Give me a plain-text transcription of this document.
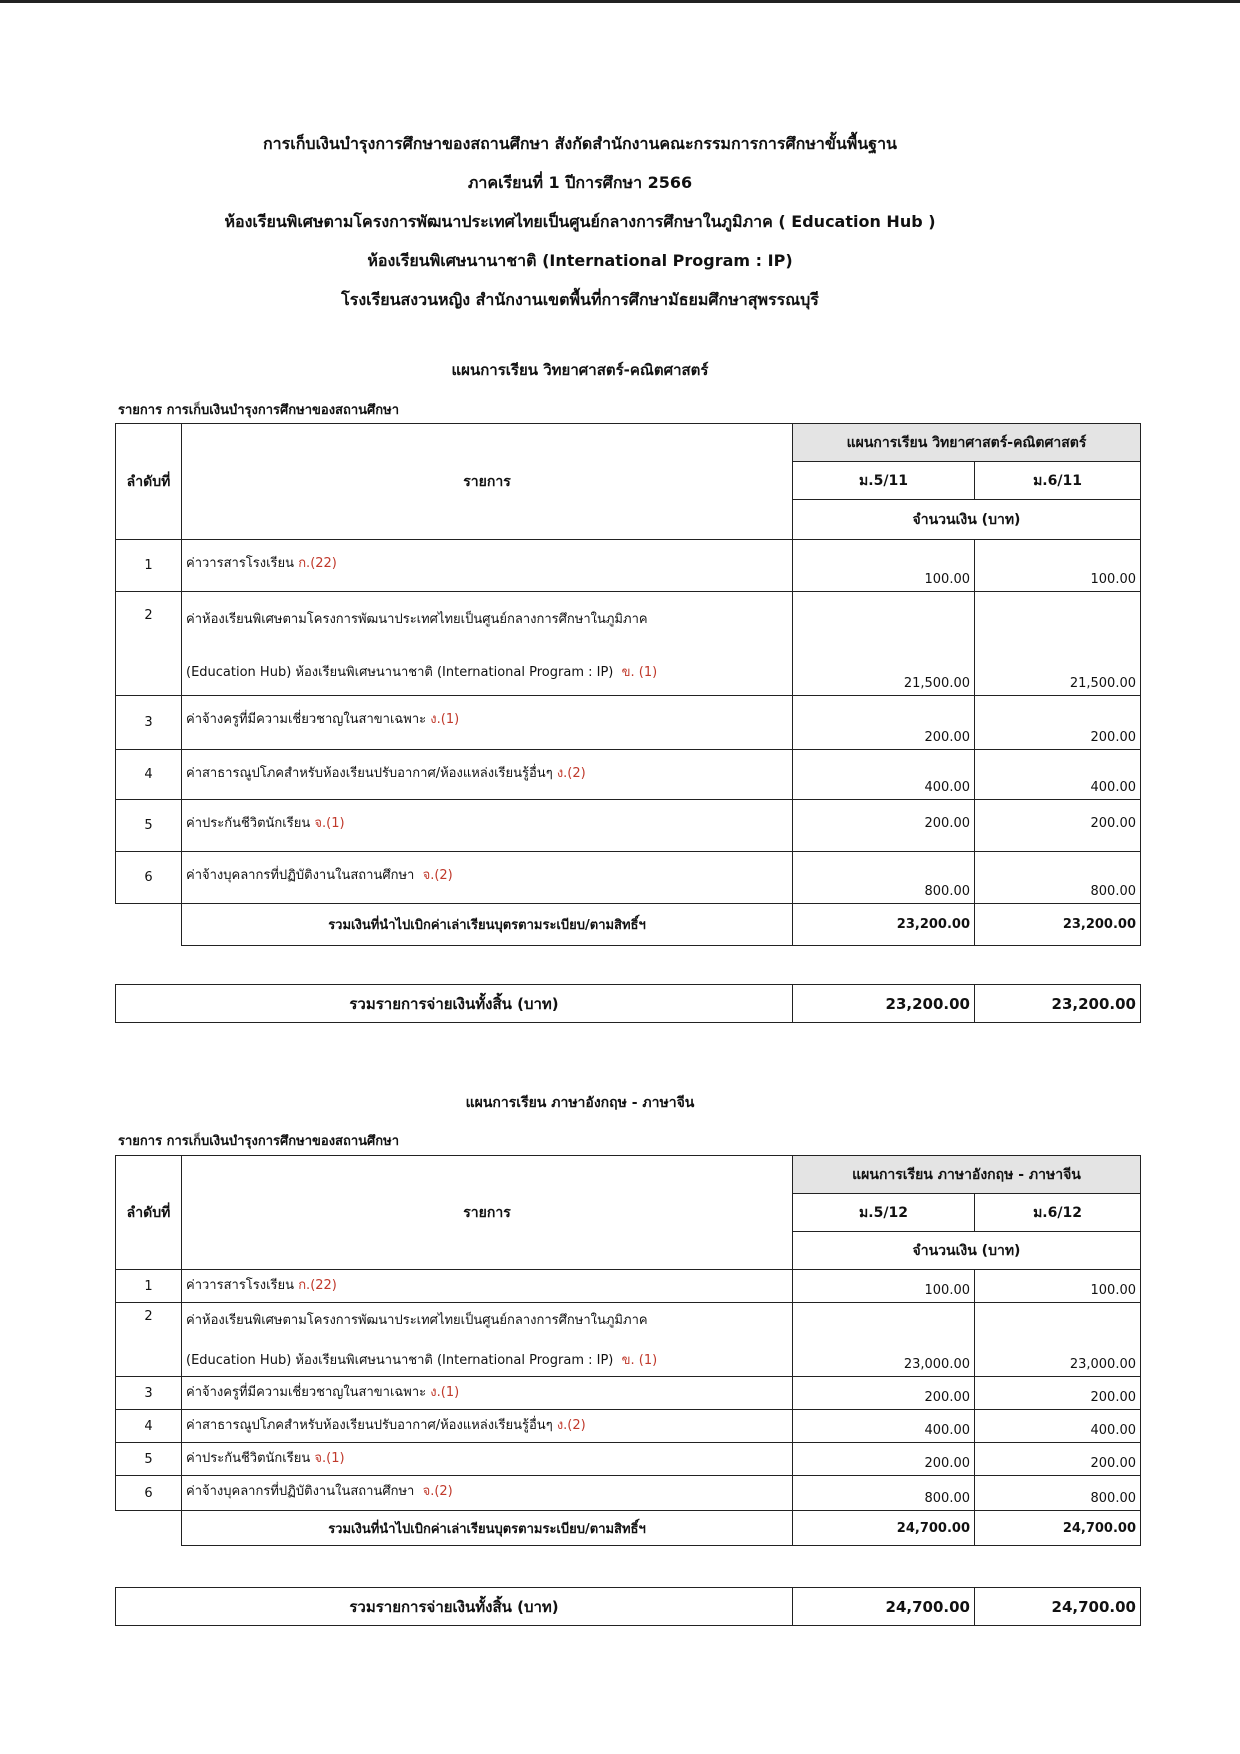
การเก็บเงินบำรุงการศึกษาของสถานศึกษา สังกัดสำนักงานคณะกรรมการการศึกษาขั้นพื้นฐาน
ภาคเรียนที่ 1 ปีการศึกษา 2566
ห้องเรียนพิเศษตามโครงการพัฒนาประเทศไทยเป็นศูนย์กลางการศึกษาในภูมิภาค ( Education Hub )
ห้องเรียนพิเศษนานาชาติ (International Program : IP)
โรงเรียนสงวนหญิง สำนักงานเขตพื้นที่การศึกษามัธยมศึกษาสุพรรณบุรี
แผนการเรียน วิทยาศาสตร์-คณิตศาสตร์
รายการ การเก็บเงินบำรุงการศึกษาของสถานศึกษา
ลำดับที่	รายการ	แผนการเรียน วิทยาศาสตร์-คณิตศาสตร์	
		ม.5/11	ม.6/11
		จำนวนเงิน (บาท)	
1	ค่าวารสารโรงเรียน ก.(22)	100.00	100.00
2	ค่าห้องเรียนพิเศษตามโครงการพัฒนาประเทศไทยเป็นศูนย์กลางการศึกษาในภูมิภาค
(Education Hub) ห้องเรียนพิเศษนานาชาติ (International Program : IP) ข. (1)	21,500.00	21,500.00
3	ค่าจ้างครูที่มีความเชี่ยวชาญในสาขาเฉพาะ ง.(1)	200.00	200.00
4	ค่าสาธารณูปโภคสำหรับห้องเรียนปรับอากาศ/ห้องแหล่งเรียนรู้อื่นๆ ง.(2)	400.00	400.00
5	ค่าประกันชีวิตนักเรียน จ.(1)	200.00	200.00
6	ค่าจ้างบุคลากรที่ปฏิบัติงานในสถานศึกษา จ.(2)	800.00	800.00
	รวมเงินที่นำไปเบิกค่าเล่าเรียนบุตรตามระเบียบ/ตามสิทธิ์ฯ	23,200.00	23,200.00
รวมรายการจ่ายเงินทั้งสิ้น (บาท)	23,200.00	23,200.00
แผนการเรียน ภาษาอังกฤษ - ภาษาจีน
รายการ การเก็บเงินบำรุงการศึกษาของสถานศึกษา
ลำดับที่	รายการ	แผนการเรียน ภาษาอังกฤษ - ภาษาจีน	
		ม.5/12	ม.6/12
		จำนวนเงิน (บาท)	
1	ค่าวารสารโรงเรียน ก.(22)	100.00	100.00
2	ค่าห้องเรียนพิเศษตามโครงการพัฒนาประเทศไทยเป็นศูนย์กลางการศึกษาในภูมิภาค
(Education Hub) ห้องเรียนพิเศษนานาชาติ (International Program : IP) ข. (1)	23,000.00	23,000.00
3	ค่าจ้างครูที่มีความเชี่ยวชาญในสาขาเฉพาะ ง.(1)	200.00	200.00
4	ค่าสาธารณูปโภคสำหรับห้องเรียนปรับอากาศ/ห้องแหล่งเรียนรู้อื่นๆ ง.(2)	400.00	400.00
5	ค่าประกันชีวิตนักเรียน จ.(1)	200.00	200.00
6	ค่าจ้างบุคลากรที่ปฏิบัติงานในสถานศึกษา จ.(2)	800.00	800.00
	รวมเงินที่นำไปเบิกค่าเล่าเรียนบุตรตามระเบียบ/ตามสิทธิ์ฯ	24,700.00	24,700.00
รวมรายการจ่ายเงินทั้งสิ้น (บาท)	24,700.00	24,700.00
